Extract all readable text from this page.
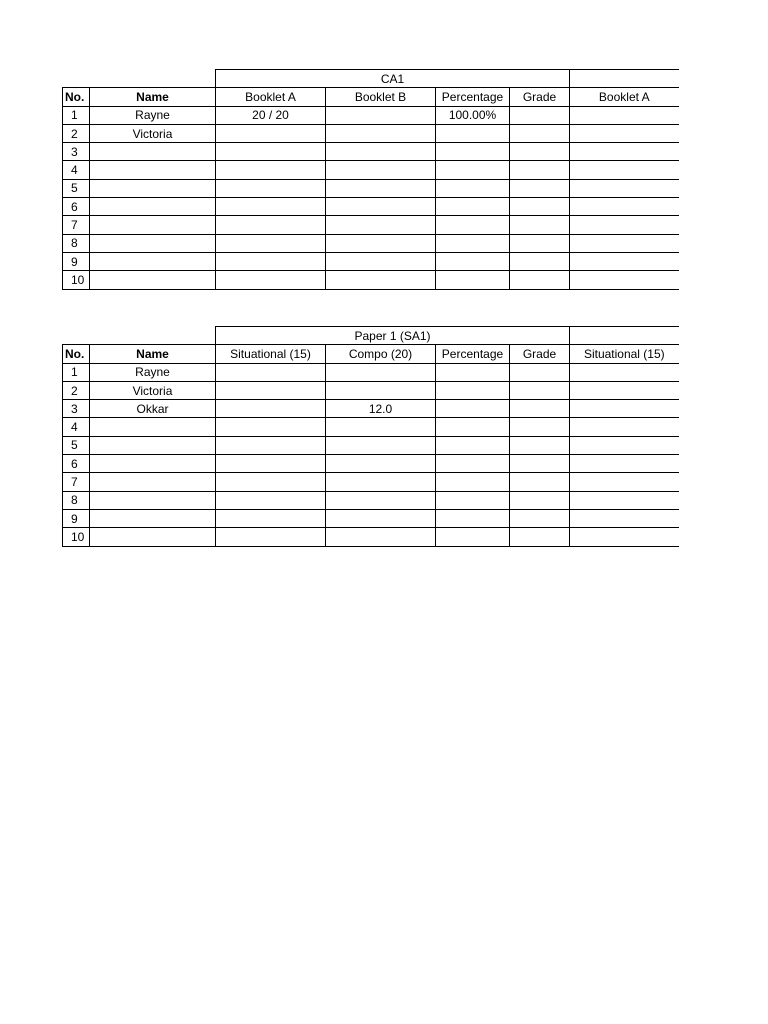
		CA1				
No.	Name	Booklet A	Booklet B	Percentage	Grade	Booklet A
1	Rayne	20 / 20		100.00%		
2	Victoria					
3						
4						
5						
6						
7						
8						
9						
10						
		Paper 1 (SA1)				
No.	Name	Situational (15)	Compo (20)	Percentage	Grade	Situational (15)
1	Rayne					
2	Victoria					
3	Okkar		12.0			
4						
5						
6						
7						
8						
9						
10						
